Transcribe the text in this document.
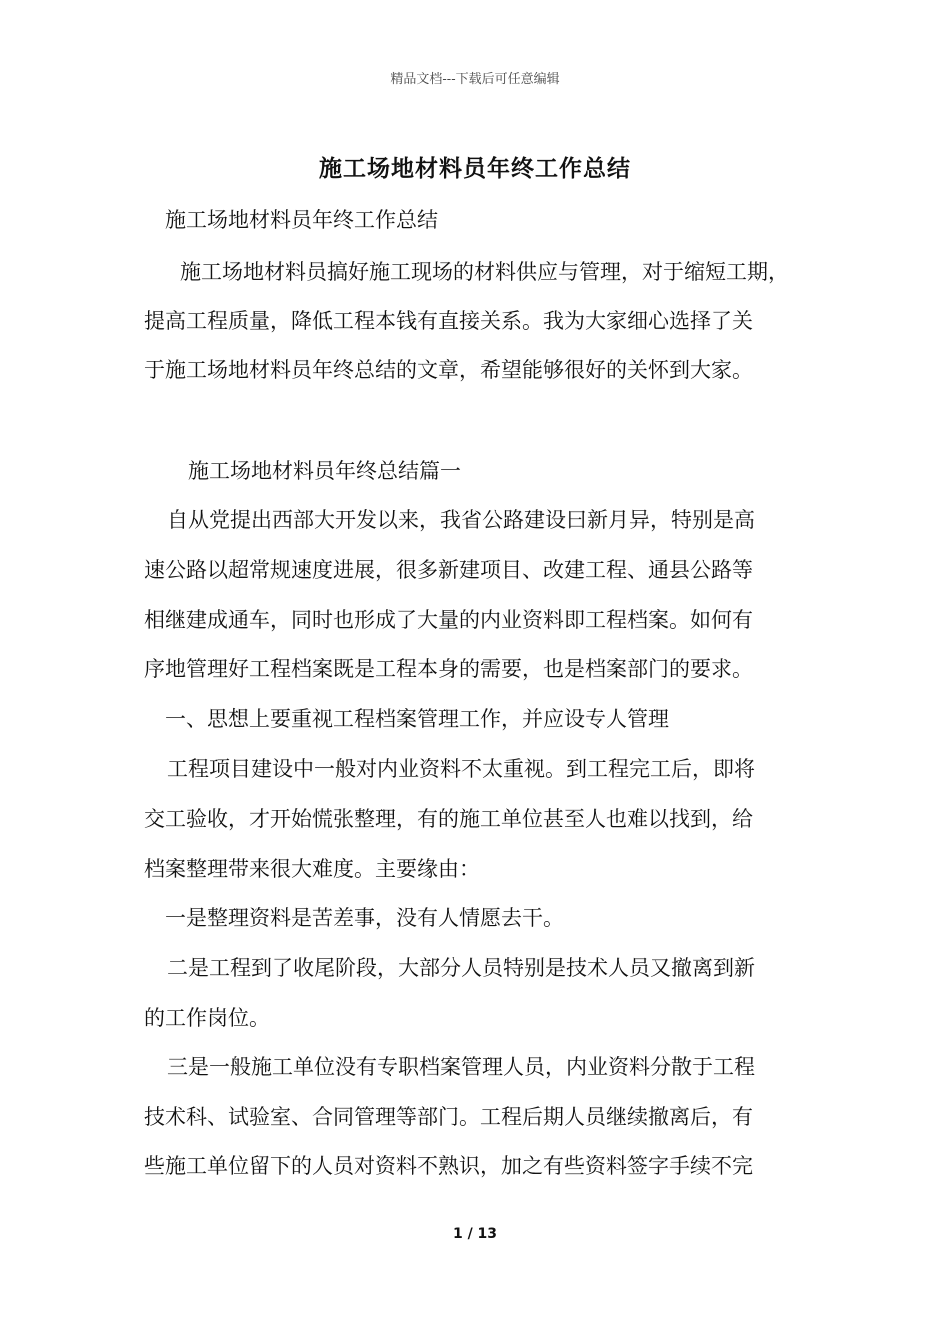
精品文档---下载后可任意编辑
施工场地材料员年终工作总结
施工场地材料员年终工作总结
施工场地材料员搞好施工现场的材料供应与管理，对于缩短工期，
提高工程质量，降低工程本钱有直接关系。我为大家细心选择了关
于施工场地材料员年终总结的文章，希望能够很好的关怀到大家。
施工场地材料员年终总结篇一
自从党提出西部大开发以来，我省公路建设曰新月异，特别是高
速公路以超常规速度进展，很多新建项目、改建工程、通县公路等
相继建成通车，同时也形成了大量的内业资料即工程档案。如何有
序地管理好工程档案既是工程本身的需要，也是档案部门的要求。
一、思想上要重视工程档案管理工作，并应设专人管理
工程项目建设中一般对内业资料不太重视。到工程完工后，即将
交工验收，才开始慌张整理，有的施工单位甚至人也难以找到，给
档案整理带来很大难度。主要缘由：
一是整理资料是苦差事，没有人情愿去干。
二是工程到了收尾阶段，大部分人员特别是技术人员又撤离到新
的工作岗位。
三是一般施工单位没有专职档案管理人员，内业资料分散于工程
技术科、试验室、合同管理等部门。工程后期人员继续撤离后，有
些施工单位留下的人员对资料不熟识，加之有些资料签字手续不完
1 / 13
